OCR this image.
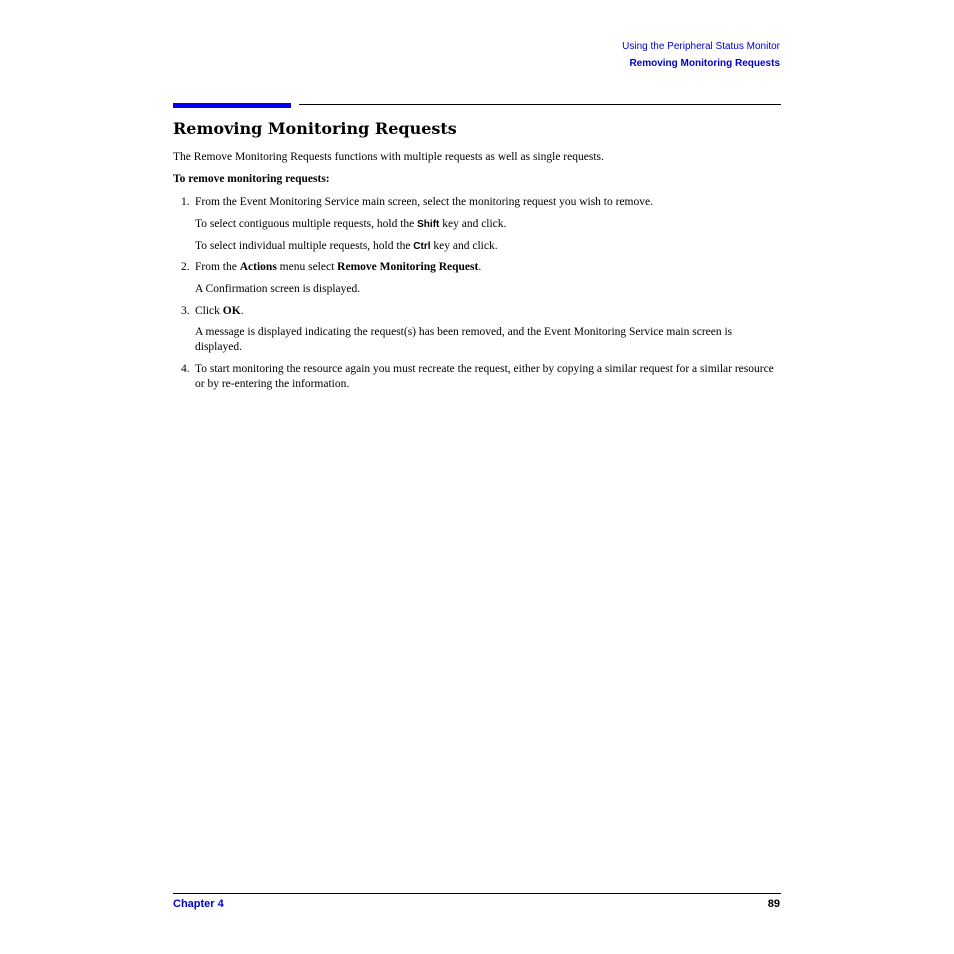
Using the Peripheral Status Monitor
Removing Monitoring Requests
Removing Monitoring Requests
The Remove Monitoring Requests functions with multiple requests as well as single requests.
To remove monitoring requests:
1. From the Event Monitoring Service main screen, select the monitoring request you wish to remove.
To select contiguous multiple requests, hold the Shift key and click.
To select individual multiple requests, hold the Ctrl key and click.
2. From the Actions menu select Remove Monitoring Request.
A Confirmation screen is displayed.
3. Click OK.
A message is displayed indicating the request(s) has been removed, and the Event Monitoring Service main screen is displayed.
4. To start monitoring the resource again you must recreate the request, either by copying a similar request for a similar resource or by re-entering the information.
Chapter 4	89
